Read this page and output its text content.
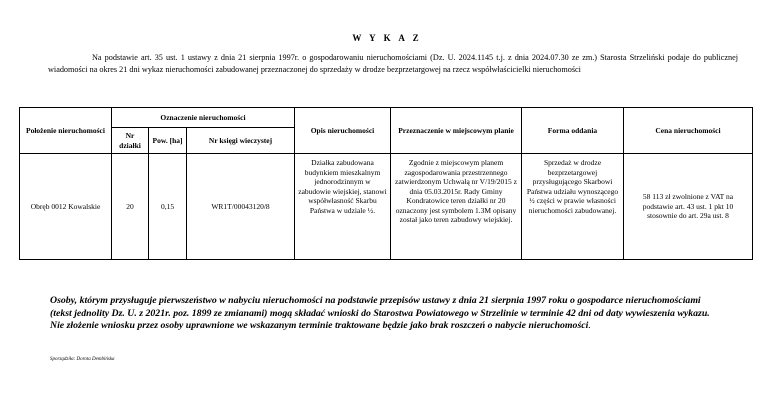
W Y K A Z
Na podstawie art. 35 ust. 1 ustawy z dnia 21 sierpnia 1997r. o gospodarowaniu nieruchomościami (Dz. U. 2024.1145 t.j. z dnia 2024.07.30 ze zm.) Starosta Strzeliński podaje do publicznej wiadomości na okres 21 dni wykaz nieruchomości zabudowanej przeznaczonej do sprzedaży w drodze bezprzetargowej na rzecz współwłaścicielki nieruchomości
Położenie nieruchomości	Oznaczenie nieruchomości			Opis nieruchomości	Przeznaczenie w miejscowym planie	Forma oddania	Cena nieruchomości
	Nr działki	Pow. [ha]	Nr księgi wieczystej				
Obręb 0012 Kowalskie	20	0,15	WR1T/00043120/8	Działka zabudowana budynkiem mieszkalnym jednorodzinnym w zabudowie wiejskiej, stanowi współwłasność Skarbu Państwa w udziale ½.	Zgodnie z miejscowym planem zagospodarowania przestrzennego zatwierdzonym Uchwałą nr V/19/2015 z dnia 05.03.2015r. Rady Gminy Kondratowice teren działki nr 20 oznaczony jest symbolem 1.3M opisany został jako teren zabudowy wiejskiej.	Sprzedaż w drodze bezprzetargowej przysługującego Skarbowi Państwa udziału wynoszącego ½ części w prawie własności nieruchomości zabudowanej.	58 113 zł zwolnione z VAT na podstawie art. 43 ust. 1 pkt 10 stosownie do art. 29a ust. 8
Osoby, którym przysługuje pierwszeństwo w nabyciu nieruchomości na podstawie przepisów ustawy z dnia 21 sierpnia 1997 roku o gospodarce nieruchomościami (tekst jednolity Dz. U. z 2021r. poz. 1899 ze zmianami) mogą składać wnioski do Starostwa Powiatowego w Strzelinie w terminie 42 dni od daty wywieszenia wykazu. Nie złożenie wniosku przez osoby uprawnione we wskazanym terminie traktowane będzie jako brak roszczeń o nabycie nieruchomości.
Sporządziła: Dorota Dembińska
